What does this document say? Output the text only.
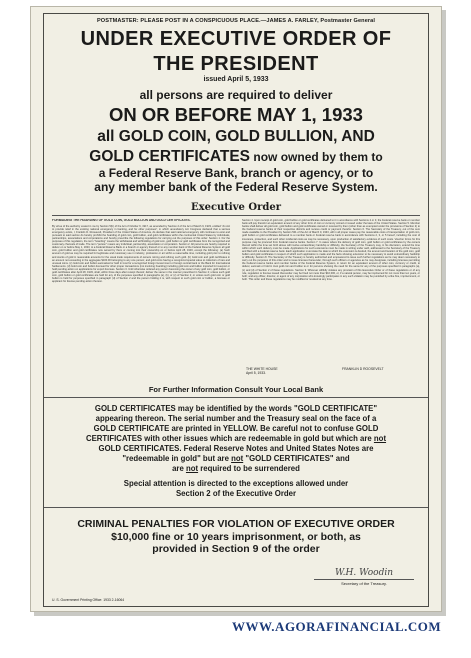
POSTMASTER: PLEASE POST IN A CONSPICUOUS PLACE.—JAMES A. FARLEY, Postmaster General
UNDER EXECUTIVE ORDER OF
THE PRESIDENT
issued April 5, 1933
all persons are required to deliver
ON OR BEFORE MAY 1, 1933
all GOLD COIN, GOLD BULLION, AND
GOLD CERTIFICATES now owned by them to
a Federal Reserve Bank, branch or agency, or to
any member bank of the Federal Reserve System.
Executive Order
FORBIDDING THE HOARDING OF GOLD COIN, GOLD BULLION AND GOLD CERTIFICATES.
By virtue of the authority vested in me by Section 5(b) of the Act of October 6, 1917, as amended by Section 2 of the Act of March 9, 1933, entitled "An Act to provide relief in the existing national emergency in banking, and for other purposes", in which amendatory Act Congress declared that a serious emergency exists, I, Franklin D. Roosevelt, President of the United States of America, do declare that said national emergency still continues to exist and pursuant to said section do hereby prohibit the hoarding of gold coin, gold bullion, and gold certificates within the continental United States by individuals, partnerships, associations and corporations and hereby prescribe the following regulations for carrying out the purposes of this order: Section 1. For the purposes of this regulation, the term "hoarding" means the withdrawal and withholding of gold coin, gold bullion or gold certificates from the recognized and customary channels of trade. The term "person" means any individual, partnership, association or corporation. Section 2. All persons are hereby required to deliver on or before May 1, 1933, to a Federal Reserve Bank or a branch or agency thereof or to any member bank of the Federal Reserve System all gold coin, gold bullion and gold certificates now owned by them or coming into their ownership on or before April 28, 1933, except the following: (a) Such amount of gold as may be required for legitimate and customary use in industry, profession or art within a reasonable time, including gold prior to refining and stocks of gold in reasonable amounts for the usual trade requirements of owners mining and refining such gold. (b) Gold coin and gold certificates in an amount not exceeding in the aggregate $100.00 belonging to any one person; and gold coins having a recognized special value to collectors of rare and unusual coins. (c) Gold coin and bullion earmarked or held in trust for a recognized foreign Government or foreign central bank or the Bank for International Settlements. (d) Gold coin and bullion licensed for other proper transactions (not involving hoarding) including gold coin and bullion imported for reexport or held pending action on applications for export licenses. Section 3. Until otherwise ordered any person becoming the owner of any gold coin, gold bullion, or gold certificates after April 28, 1933, shall, within three days after receipt thereof, deliver the same in the manner prescribed in Section 2; unless such gold coin, gold bullion or gold certificates are held for any of the purposes specified in paragraphs (a), (b), or (c) of Section 2; or unless such gold coin or gold bullion is held for purposes specified in paragraph (d) of Section 2 and the person holding it is, with respect to such gold coin or bullion, a licensee or applicant for license pending action thereon.
Section 4. Upon receipt of gold coin, gold bullion or gold certificates delivered to it in accordance with Sections 2 or 3, the Federal reserve bank or member bank will pay therefor an equivalent amount of any other form of coin or currency coined or issued under the laws of the United States. Section 5. Member banks shall deliver all gold coin, gold bullion and gold certificates owned or received by them (other than as exempted under the provisions of Section 2) to the Federal reserve banks of their respective districts and receive credit or payment therefor. Section 6. The Secretary of the Treasury, out of the sum made available to the President by Section 501 of the Act of March 9, 1933, will in all proper cases pay the reasonable costs of transportation of gold coin, gold bullion or gold certificates delivered to a member bank or Federal reserve bank in accordance with Sections 2, 3, or 5 hereof, including the cost of insurance, protection, and such other incidental costs as may be necessary, upon production of satisfactory evidence of such costs. Voucher forms for this purpose may be procured from Federal reserve banks. Section 7. In cases where the delivery of gold coin, gold bullion or gold certificates by the owners thereof within the time set forth above will involve extraordinary hardship or difficulty, the Secretary of the Treasury may, in his discretion, extend the time within which such delivery must be made. Applications for such extensions must be made in writing under oath, addressed to the Secretary of the Treasury and filed with a Federal reserve bank. Each application must state the date to which the extension is desired, the amount and location of the gold coin, gold bullion and gold certificates in respect of which such application is made and the facts showing extension to be necessary to avoid extraordinary hardship or difficulty. Section 8. The Secretary of the Treasury is hereby authorized and empowered to issue such further regulations as he may deem necessary to carry out the purposes of this order and to issue licenses thereunder, through such officers or agencies as he may designate, including licenses permitting the Federal reserve banks and member banks of the Federal Reserve System, in return for an equivalent amount of other coin, currency or credit, to deliver, earmark or hold in trust gold coin and bullion to or for persons showing the need for the same for any of the purposes specified in paragraphs (a), (c) and (d) of Section 2 of these regulations. Section 9. Whoever willfully violates any provision of this Executive Order or of these regulations or of any rule, regulation or license issued thereunder may be fined not more than $10,000, or, if a natural person, may be imprisoned for not more than ten years, or both; and any officer, director, or agent of any corporation who knowingly participates in any such violation may be punished by a like fine, imprisonment, or both. This order and these regulations may be modified or revoked at any time.
THE WHITE HOUSE
April 5, 1933.
FRANKLIN D ROOSEVELT
For Further Information Consult Your Local Bank
GOLD CERTIFICATES may be identified by the words "GOLD CERTIFICATE"
appearing thereon. The serial number and the Treasury seal on the face of a
GOLD CERTIFICATE are printed in YELLOW. Be careful not to confuse GOLD
CERTIFICATES with other issues which are redeemable in gold but which are not
GOLD CERTIFICATES. Federal Reserve Notes and United States Notes are
"redeemable in gold" but are not "GOLD CERTIFICATES" and
are not required to be surrendered
Special attention is directed to the exceptions allowed under
Section 2 of the Executive Order
CRIMINAL PENALTIES FOR VIOLATION OF EXECUTIVE ORDER
$10,000 fine or 10 years imprisonment, or both, as
provided in Section 9 of the order
W.H. Woodin
Secretary of the Treasury.
U. S. Government Printing Office: 1933 2-16064
WWW.AGORAFINANCIAL.COM
